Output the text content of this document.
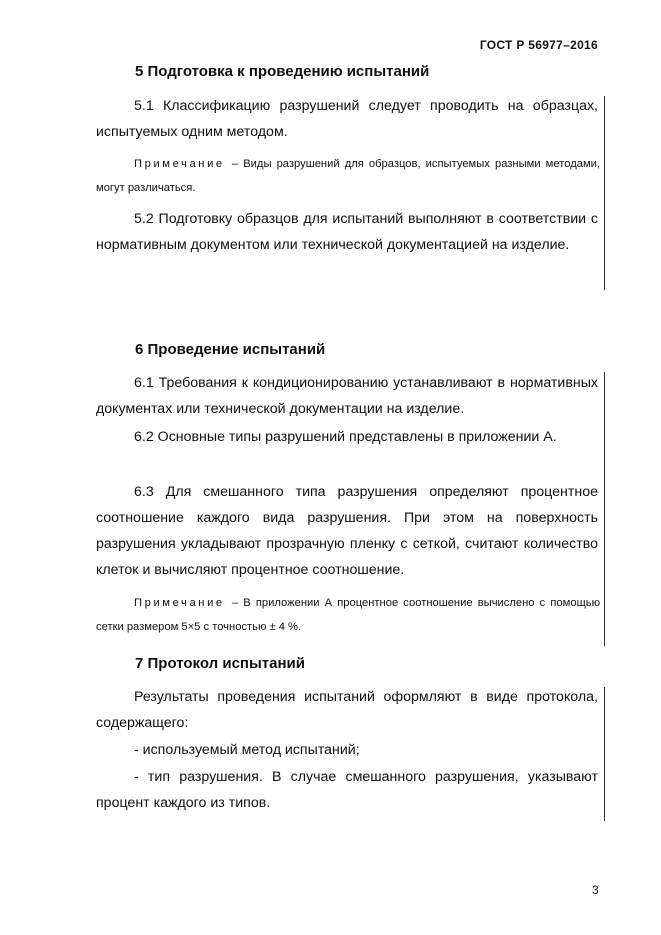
ГОСТ Р 56977–2016
5 Подготовка к проведению испытаний
5.1 Классификацию разрушений следует проводить на образцах, испытуемых одним методом.
Примечание – Виды разрушений для образцов, испытуемых разными методами, могут различаться.
5.2 Подготовку образцов для испытаний выполняют в соответствии с нормативным документом или технической документацией на изделие.
6 Проведение испытаний
6.1 Требования к кондиционированию устанавливают в нормативных документах или технической документации на изделие.
6.2 Основные типы разрушений представлены в приложении А.
6.3 Для смешанного типа разрушения определяют процентное соотношение каждого вида разрушения. При этом на поверхность разрушения укладывают прозрачную пленку с сеткой, считают количество клеток и вычисляют процентное соотношение.
Примечание – В приложении А процентное соотношение вычислено с помощью сетки размером 5×5 с точностью ± 4 %.
7 Протокол испытаний
Результаты проведения испытаний оформляют в виде протокола, содержащего:
- используемый метод испытаний;
- тип разрушения. В случае смешанного разрушения, указывают процент каждого из типов.
3
